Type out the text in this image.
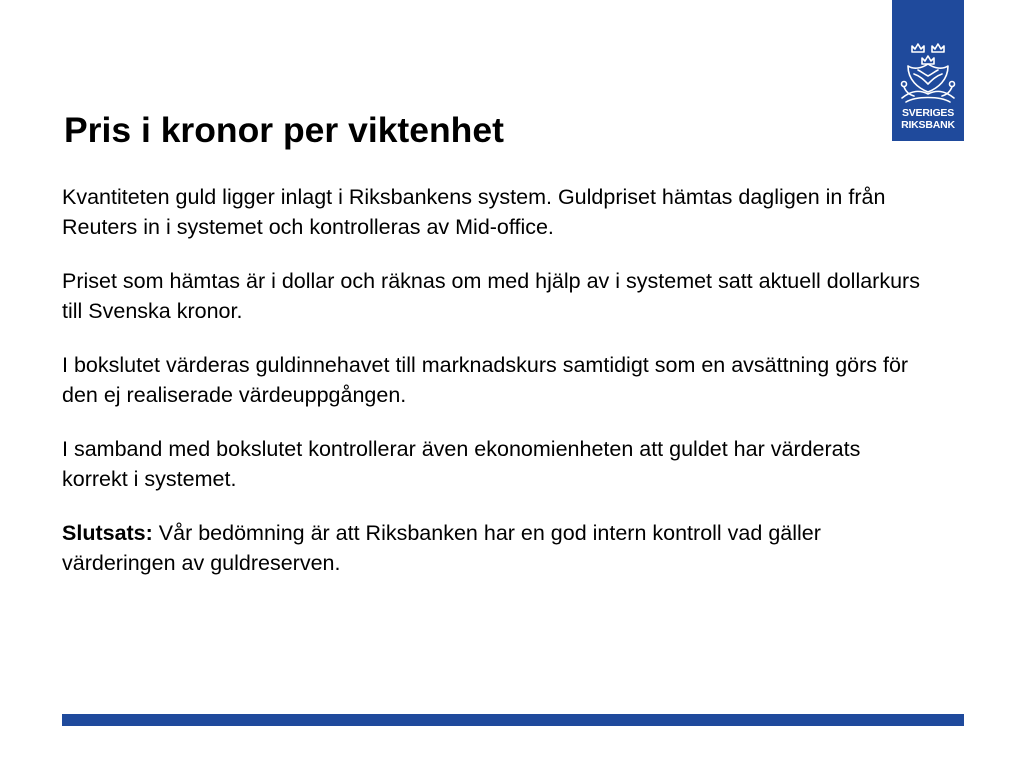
SVERIGES
RIKSBANK
Pris i kronor per viktenhet

Kvantiteten guld ligger inlagt i Riksbankens system. Guldpriset hämtas dagligen in från Reuters in i systemet och kontrolleras av Mid-office.

Priset som hämtas är i dollar och räknas om med hjälp av i systemet satt aktuell dollarkurs till Svenska kronor.

I bokslutet värderas guldinnehavet till marknadskurs samtidigt som en avsättning görs för den ej realiserade värdeuppgången.

I samband med bokslutet kontrollerar även ekonomienheten att guldet har värderats korrekt i systemet.

Slutsats: Vår bedömning är att Riksbanken har en god intern kontroll vad gäller värderingen av guldreserven.
